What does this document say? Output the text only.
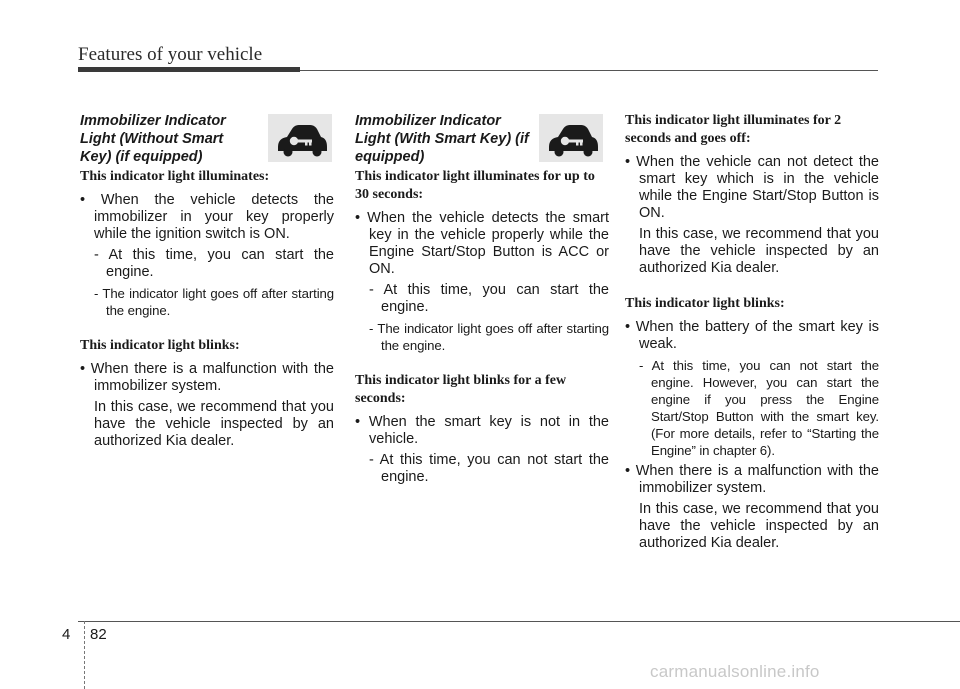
Features of your vehicle
Immobilizer Indicator Light (Without Smart Key) (if equipped)
This indicator light illuminates:
• When the vehicle detects the immobilizer in your key properly while the ignition switch is ON.
- At this time, you can start the engine.
- The indicator light goes off after starting the engine.
This indicator light blinks:
• When there is a malfunction with the immobilizer system.
In this case, we recommend that you have the vehicle inspected by an authorized Kia dealer.
Immobilizer Indicator Light (With Smart Key) (if equipped)
This indicator light illuminates for up to 30 seconds:
• When the vehicle detects the smart key in the vehicle properly while the Engine Start/Stop Button is ACC or ON.
- At this time, you can start the engine.
- The indicator light goes off after starting the engine.
This indicator light blinks for a few seconds:
• When the smart key is not in the vehicle.
- At this time, you can not start the engine.
This indicator light illuminates for 2 seconds and goes off:
• When the vehicle can not detect the smart key which is in the vehicle while the Engine Start/Stop Button is ON.
In this case, we recommend that you have the vehicle inspected by an authorized Kia dealer.
This indicator light blinks:
• When the battery of the smart key is weak.
- At this time, you can not start the engine. However, you can start the engine if you press the Engine Start/Stop Button with the smart key. (For more details, refer to “Starting the Engine” in chapter 6).
• When there is a malfunction with the immobilizer system.
In this case, we recommend that you have the vehicle inspected by an authorized Kia dealer.
4 82
carmanualsonline.info
